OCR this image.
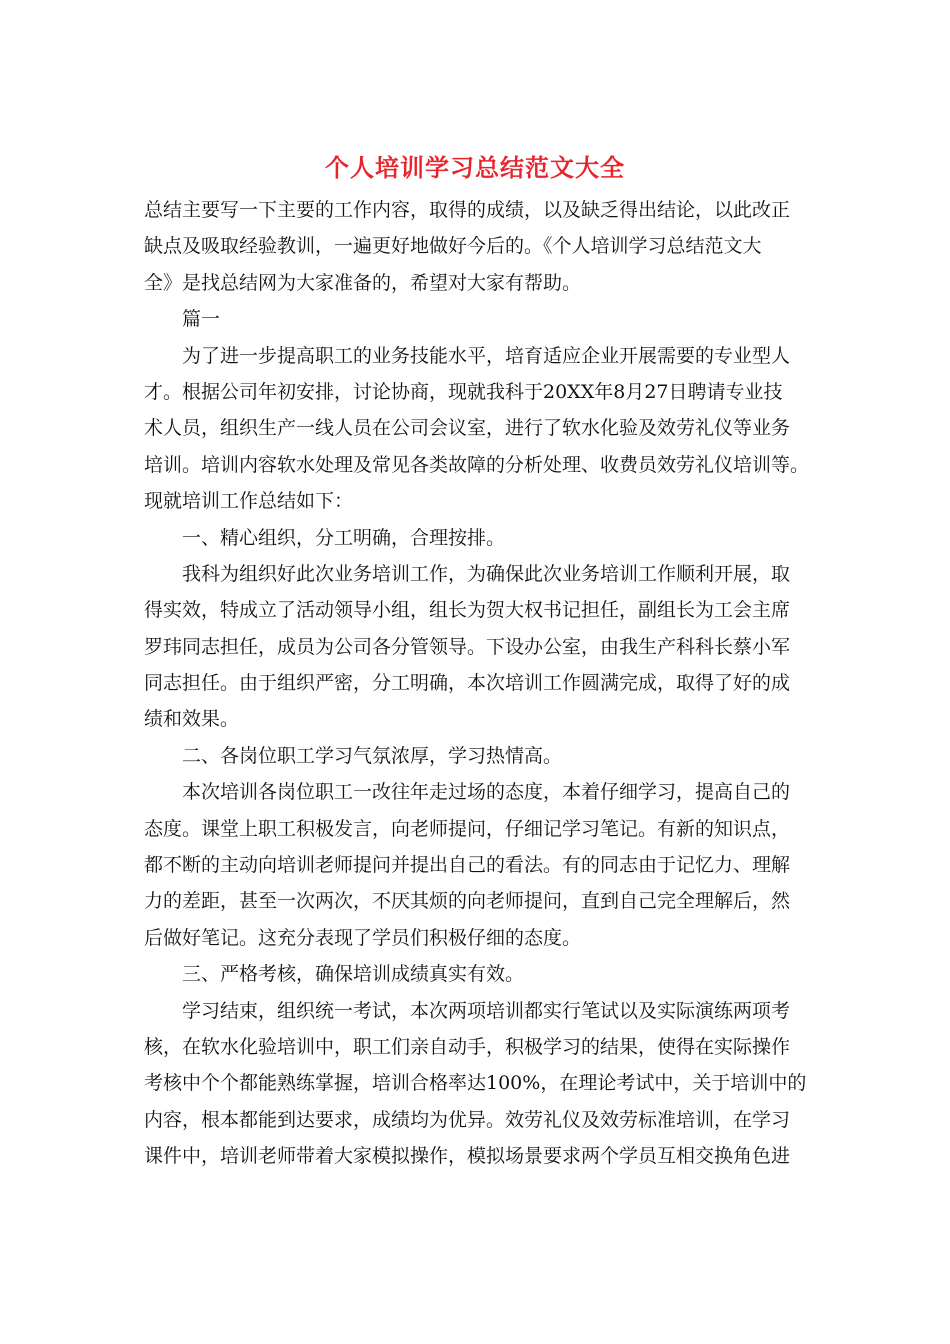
个人培训学习总结范文大全
总结主要写一下主要的工作内容，取得的成绩，以及缺乏得出结论，以此改正
缺点及吸取经验教训，一遍更好地做好今后的。《个人培训学习总结范文大
全》是找总结网为大家准备的，希望对大家有帮助。
篇一
为了进一步提高职工的业务技能水平，培育适应企业开展需要的专业型人
才。根据公司年初安排，讨论协商，现就我科于20XX年8月27日聘请专业技
术人员，组织生产一线人员在公司会议室，进行了软水化验及效劳礼仪等业务
培训。培训内容软水处理及常见各类故障的分析处理、收费员效劳礼仪培训等。
现就培训工作总结如下：
一、精心组织，分工明确，合理按排。
我科为组织好此次业务培训工作，为确保此次业务培训工作顺利开展，取
得实效，特成立了活动领导小组，组长为贺大权书记担任，副组长为工会主席
罗玮同志担任，成员为公司各分管领导。下设办公室，由我生产科科长蔡小军
同志担任。由于组织严密，分工明确，本次培训工作圆满完成，取得了好的成
绩和效果。
二、各岗位职工学习气氛浓厚，学习热情高。
本次培训各岗位职工一改往年走过场的态度，本着仔细学习，提高自己的
态度。课堂上职工积极发言，向老师提问，仔细记学习笔记。有新的知识点，
都不断的主动向培训老师提问并提出自己的看法。有的同志由于记忆力、理解
力的差距，甚至一次两次，不厌其烦的向老师提问，直到自己完全理解后，然
后做好笔记。这充分表现了学员们积极仔细的态度。
三、严格考核，确保培训成绩真实有效。
学习结束，组织统一考试，本次两项培训都实行笔试以及实际演练两项考
核，在软水化验培训中，职工们亲自动手，积极学习的结果，使得在实际操作
考核中个个都能熟练掌握，培训合格率达100%，在理论考试中，关于培训中的
内容，根本都能到达要求，成绩均为优异。效劳礼仪及效劳标准培训，在学习
课件中，培训老师带着大家模拟操作，模拟场景要求两个学员互相交换角色进
